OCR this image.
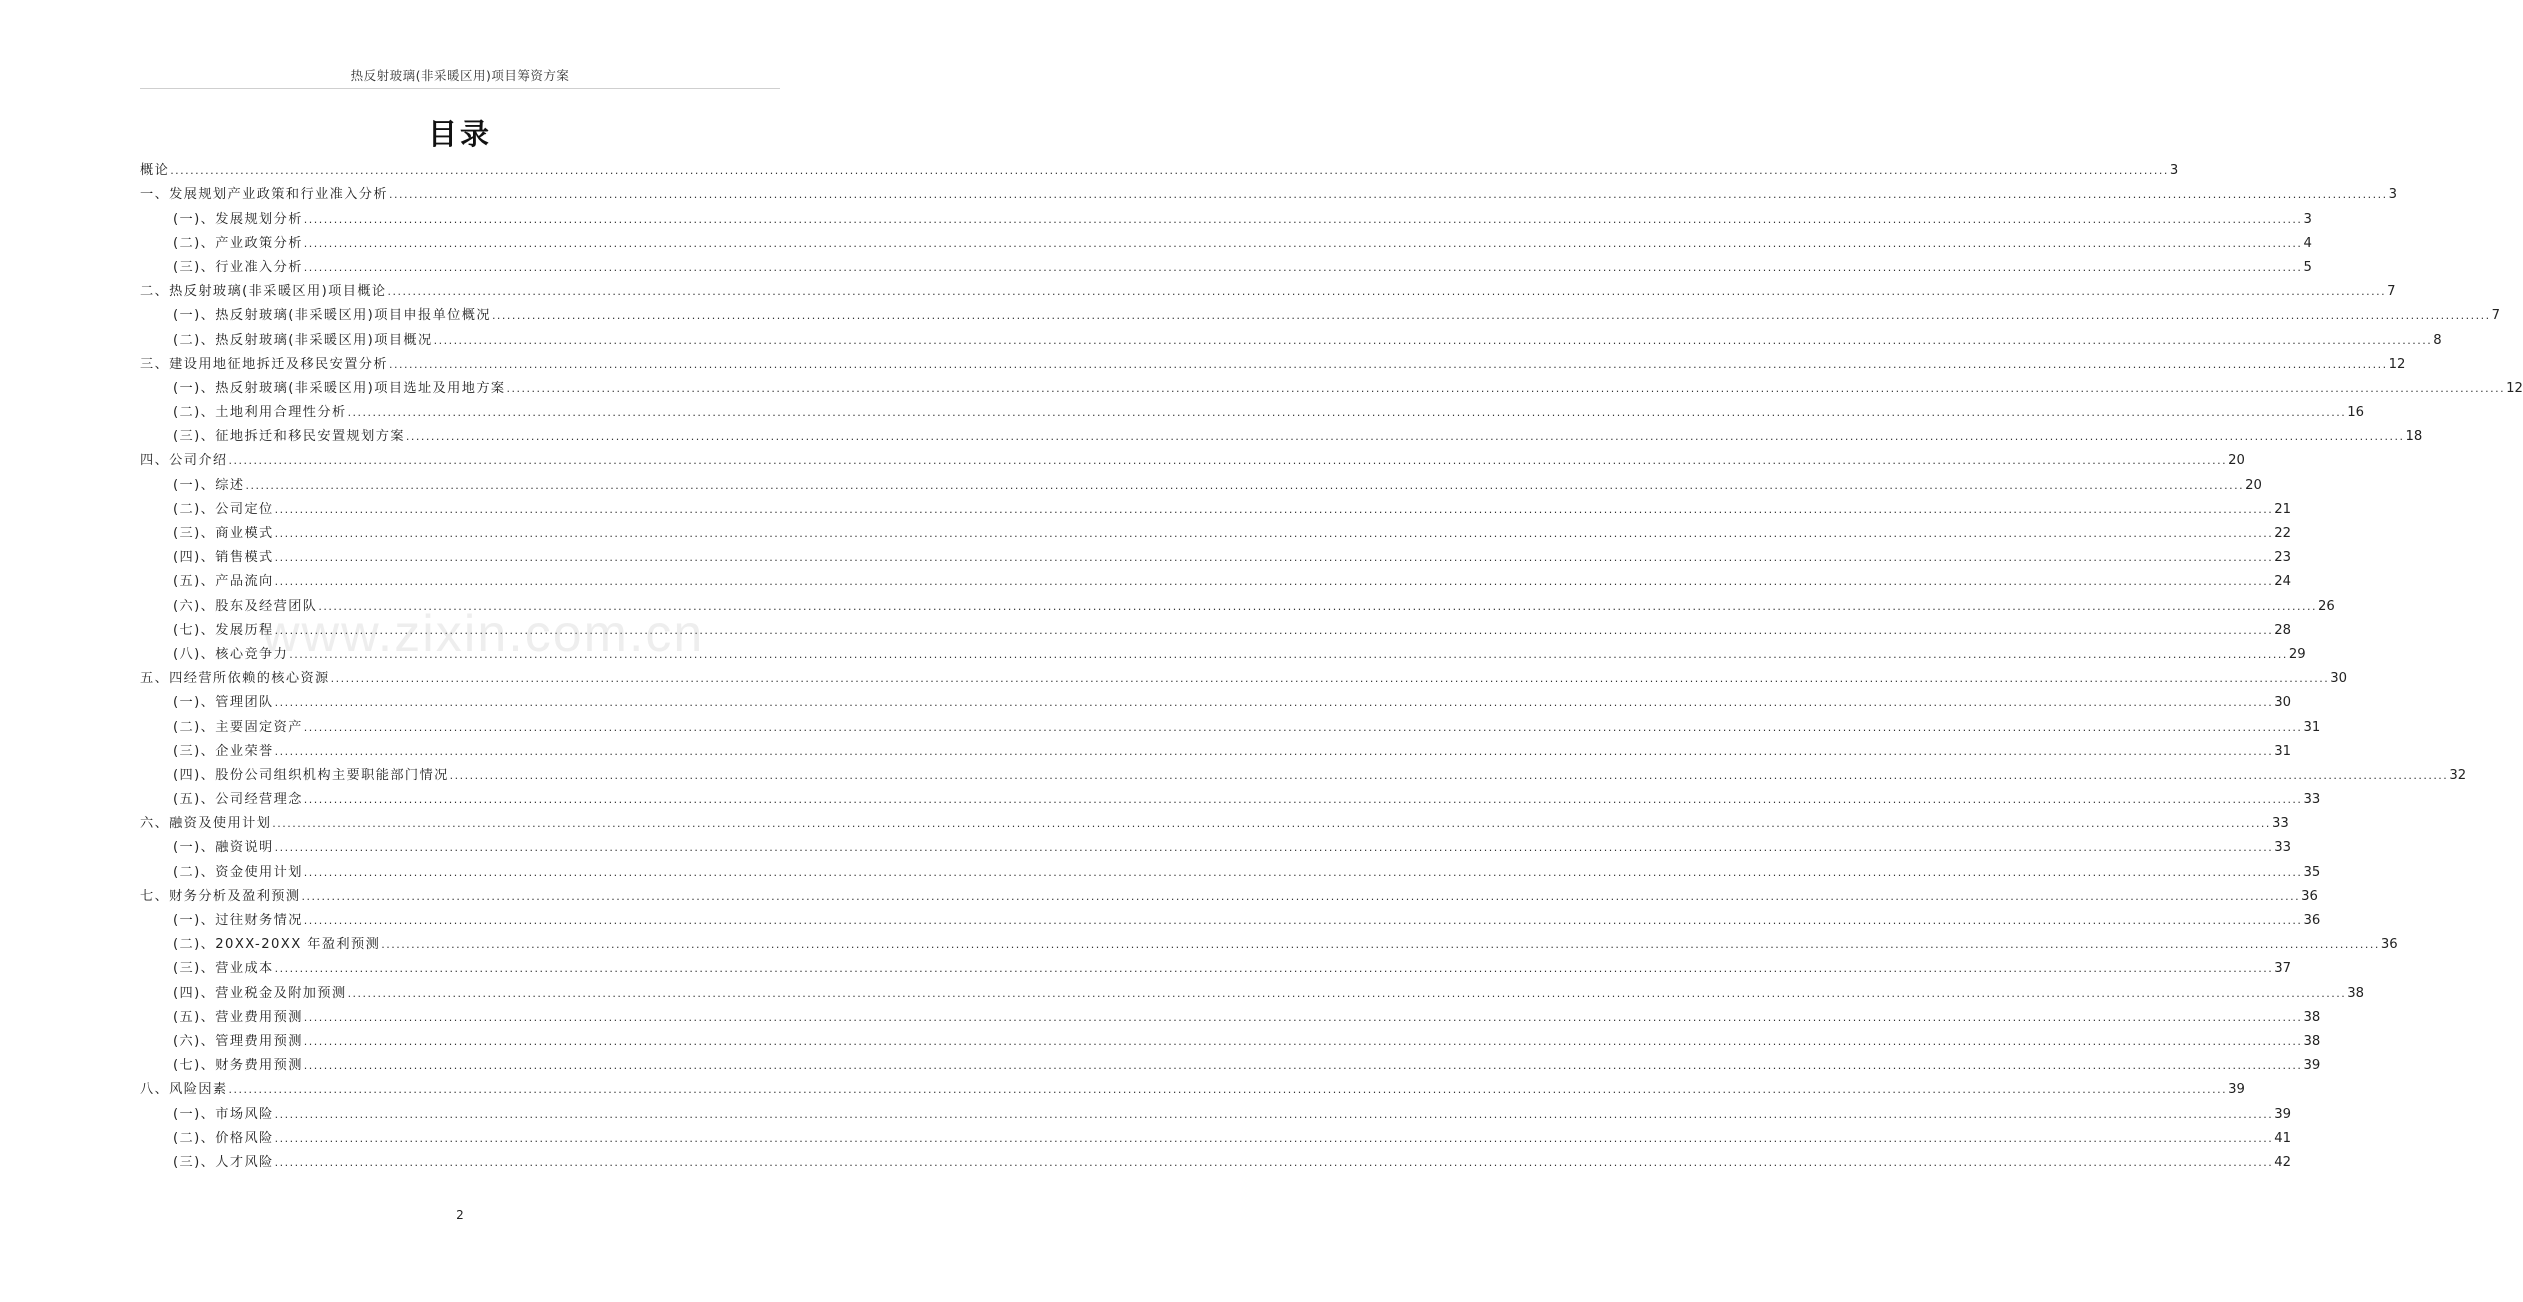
热反射玻璃(非采暖区用)项目筹资方案
目录
概论 ................................................................................................................................................................................................................................................................................................................................................................................................................ 3
一、发展规划产业政策和行业准入分析 ................................................................................................................................................................................................................................................................................................................................................................................................................ 3
(一)、发展规划分析 ................................................................................................................................................................................................................................................................................................................................................................................................................ 3
(二)、产业政策分析 ................................................................................................................................................................................................................................................................................................................................................................................................................ 4
(三)、行业准入分析 ................................................................................................................................................................................................................................................................................................................................................................................................................ 5
二、热反射玻璃(非采暖区用)项目概论 ................................................................................................................................................................................................................................................................................................................................................................................................................ 7
(一)、热反射玻璃(非采暖区用)项目申报单位概况 ................................................................................................................................................................................................................................................................................................................................................................................................................ 7
(二)、热反射玻璃(非采暖区用)项目概况 ................................................................................................................................................................................................................................................................................................................................................................................................................ 8
三、建设用地征地拆迁及移民安置分析 ................................................................................................................................................................................................................................................................................................................................................................................................................ 12
(一)、热反射玻璃(非采暖区用)项目选址及用地方案 ................................................................................................................................................................................................................................................................................................................................................................................................................ 12
(二)、土地利用合理性分析 ................................................................................................................................................................................................................................................................................................................................................................................................................ 16
(三)、征地拆迁和移民安置规划方案 ................................................................................................................................................................................................................................................................................................................................................................................................................ 18
四、公司介绍 ................................................................................................................................................................................................................................................................................................................................................................................................................ 20
(一)、综述 ................................................................................................................................................................................................................................................................................................................................................................................................................ 20
(二)、公司定位 ................................................................................................................................................................................................................................................................................................................................................................................................................ 21
(三)、商业模式 ................................................................................................................................................................................................................................................................................................................................................................................................................ 22
(四)、销售模式 ................................................................................................................................................................................................................................................................................................................................................................................................................ 23
(五)、产品流向 ................................................................................................................................................................................................................................................................................................................................................................................................................ 24
(六)、股东及经营团队 ................................................................................................................................................................................................................................................................................................................................................................................................................ 26
(七)、发展历程 ................................................................................................................................................................................................................................................................................................................................................................................................................ 28
(八)、核心竞争力 ................................................................................................................................................................................................................................................................................................................................................................................................................ 29
五、四经营所依赖的核心资源 ................................................................................................................................................................................................................................................................................................................................................................................................................ 30
(一)、管理团队 ................................................................................................................................................................................................................................................................................................................................................................................................................ 30
(二)、主要固定资产 ................................................................................................................................................................................................................................................................................................................................................................................................................ 31
(三)、企业荣誉 ................................................................................................................................................................................................................................................................................................................................................................................................................ 31
(四)、股份公司组织机构主要职能部门情况 ................................................................................................................................................................................................................................................................................................................................................................................................................ 32
(五)、公司经营理念 ................................................................................................................................................................................................................................................................................................................................................................................................................ 33
六、融资及使用计划 ................................................................................................................................................................................................................................................................................................................................................................................................................ 33
(一)、融资说明 ................................................................................................................................................................................................................................................................................................................................................................................................................ 33
(二)、资金使用计划 ................................................................................................................................................................................................................................................................................................................................................................................................................ 35
七、财务分析及盈利预测 ................................................................................................................................................................................................................................................................................................................................................................................................................ 36
(一)、过往财务情况 ................................................................................................................................................................................................................................................................................................................................................................................................................ 36
(二)、20XX-20XX 年盈利预测 ................................................................................................................................................................................................................................................................................................................................................................................................................ 36
(三)、营业成本 ................................................................................................................................................................................................................................................................................................................................................................................................................ 37
(四)、营业税金及附加预测 ................................................................................................................................................................................................................................................................................................................................................................................................................ 38
(五)、营业费用预测 ................................................................................................................................................................................................................................................................................................................................................................................................................ 38
(六)、管理费用预测 ................................................................................................................................................................................................................................................................................................................................................................................................................ 38
(七)、财务费用预测 ................................................................................................................................................................................................................................................................................................................................................................................................................ 39
八、风险因素 ................................................................................................................................................................................................................................................................................................................................................................................................................ 39
(一)、市场风险 ................................................................................................................................................................................................................................................................................................................................................................................................................ 39
(二)、价格风险 ................................................................................................................................................................................................................................................................................................................................................................................................................ 41
(三)、人才风险 ................................................................................................................................................................................................................................................................................................................................................................................................................ 42
www.zixin.com.cn
2
